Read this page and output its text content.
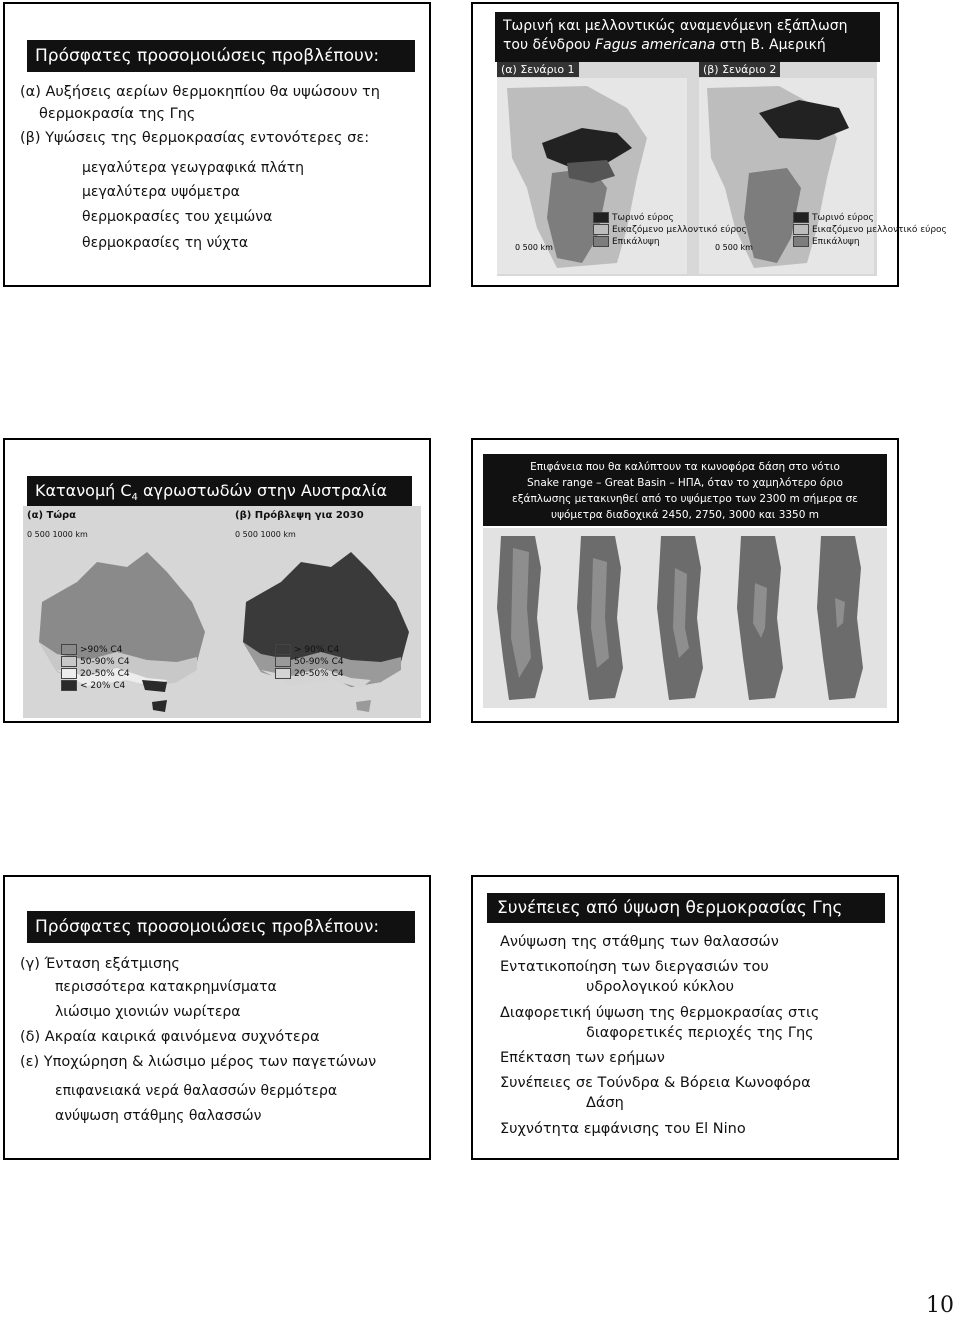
Πρόσφατες προσομοιώσεις προβλέπουν:
(α) Αυξήσεις αερίων θερμοκηπίου θα υψώσουν τη
θερμοκρασία της Γης
(β) Υψώσεις της θερμοκρασίας εντονότερες σε:
μεγαλύτερα γεωγραφικά πλάτη
μεγαλύτερα υψόμετρα
θερμοκρασίες του χειμώνα
θερμοκρασίες τη νύχτα
Τωρινή και μελλοντικώς αναμενόμενη εξάπλωση
του δένδρου Fagus americana στη Β. Αμερική
(α) Σενάριο 1	(β) Σενάριο 2
0 500 km	0 500 km
Τωρινό εύρος
Εικαζόμενο μελλοντικό εύρος
Επικάλυψη
Τωρινό εύρος
Εικαζόμενο μελλοντικό εύρος
Επικάλυψη
Κατανομή $C_4$ αγρωστωδών στην Αυστραλία
(α) Τώρα	(β) Πρόβλεψη για 2030
0 500 1000 km	0 500 1000 km
>90% C4
50-90% C4
20-50% C4
< 20% C4
> 90% C4
50-90% C4
20-50% C4
Επιφάνεια που θα καλύπτουν τα κωνοφόρα δάση στο νότιο
Snake range – Great Basin – ΗΠΑ, όταν το χαμηλότερο όριο
εξάπλωσης μετακινηθεί από το υψόμετρο των 2300 m σήμερα σε
υψόμετρα διαδοχικά 2450, 2750, 3000 και 3350 m
Πρόσφατες προσομοιώσεις προβλέπουν:
(γ) Ένταση εξάτμισης
περισσότερα κατακρημνίσματα
λιώσιμο χιονιών νωρίτερα
(δ) Ακραία καιρικά φαινόμενα συχνότερα
(ε) Υποχώρηση & λιώσιμο μέρος των παγετώνων
επιφανειακά νερά θαλασσών θερμότερα
ανύψωση στάθμης θαλασσών
Συνέπειες από ύψωση θερμοκρασίας Γης
Ανύψωση της στάθμης των θαλασσών
Εντατικοποίηση των διεργασιών του
υδρολογικού κύκλου
Διαφορετική ύψωση της θερμοκρασίας στις
διαφορετικές περιοχές της Γης
Επέκταση των ερήμων
Συνέπειες σε Τούνδρα & Βόρεια Κωνοφόρα
Δάση
Συχνότητα εμφάνισης του El Nino
10
